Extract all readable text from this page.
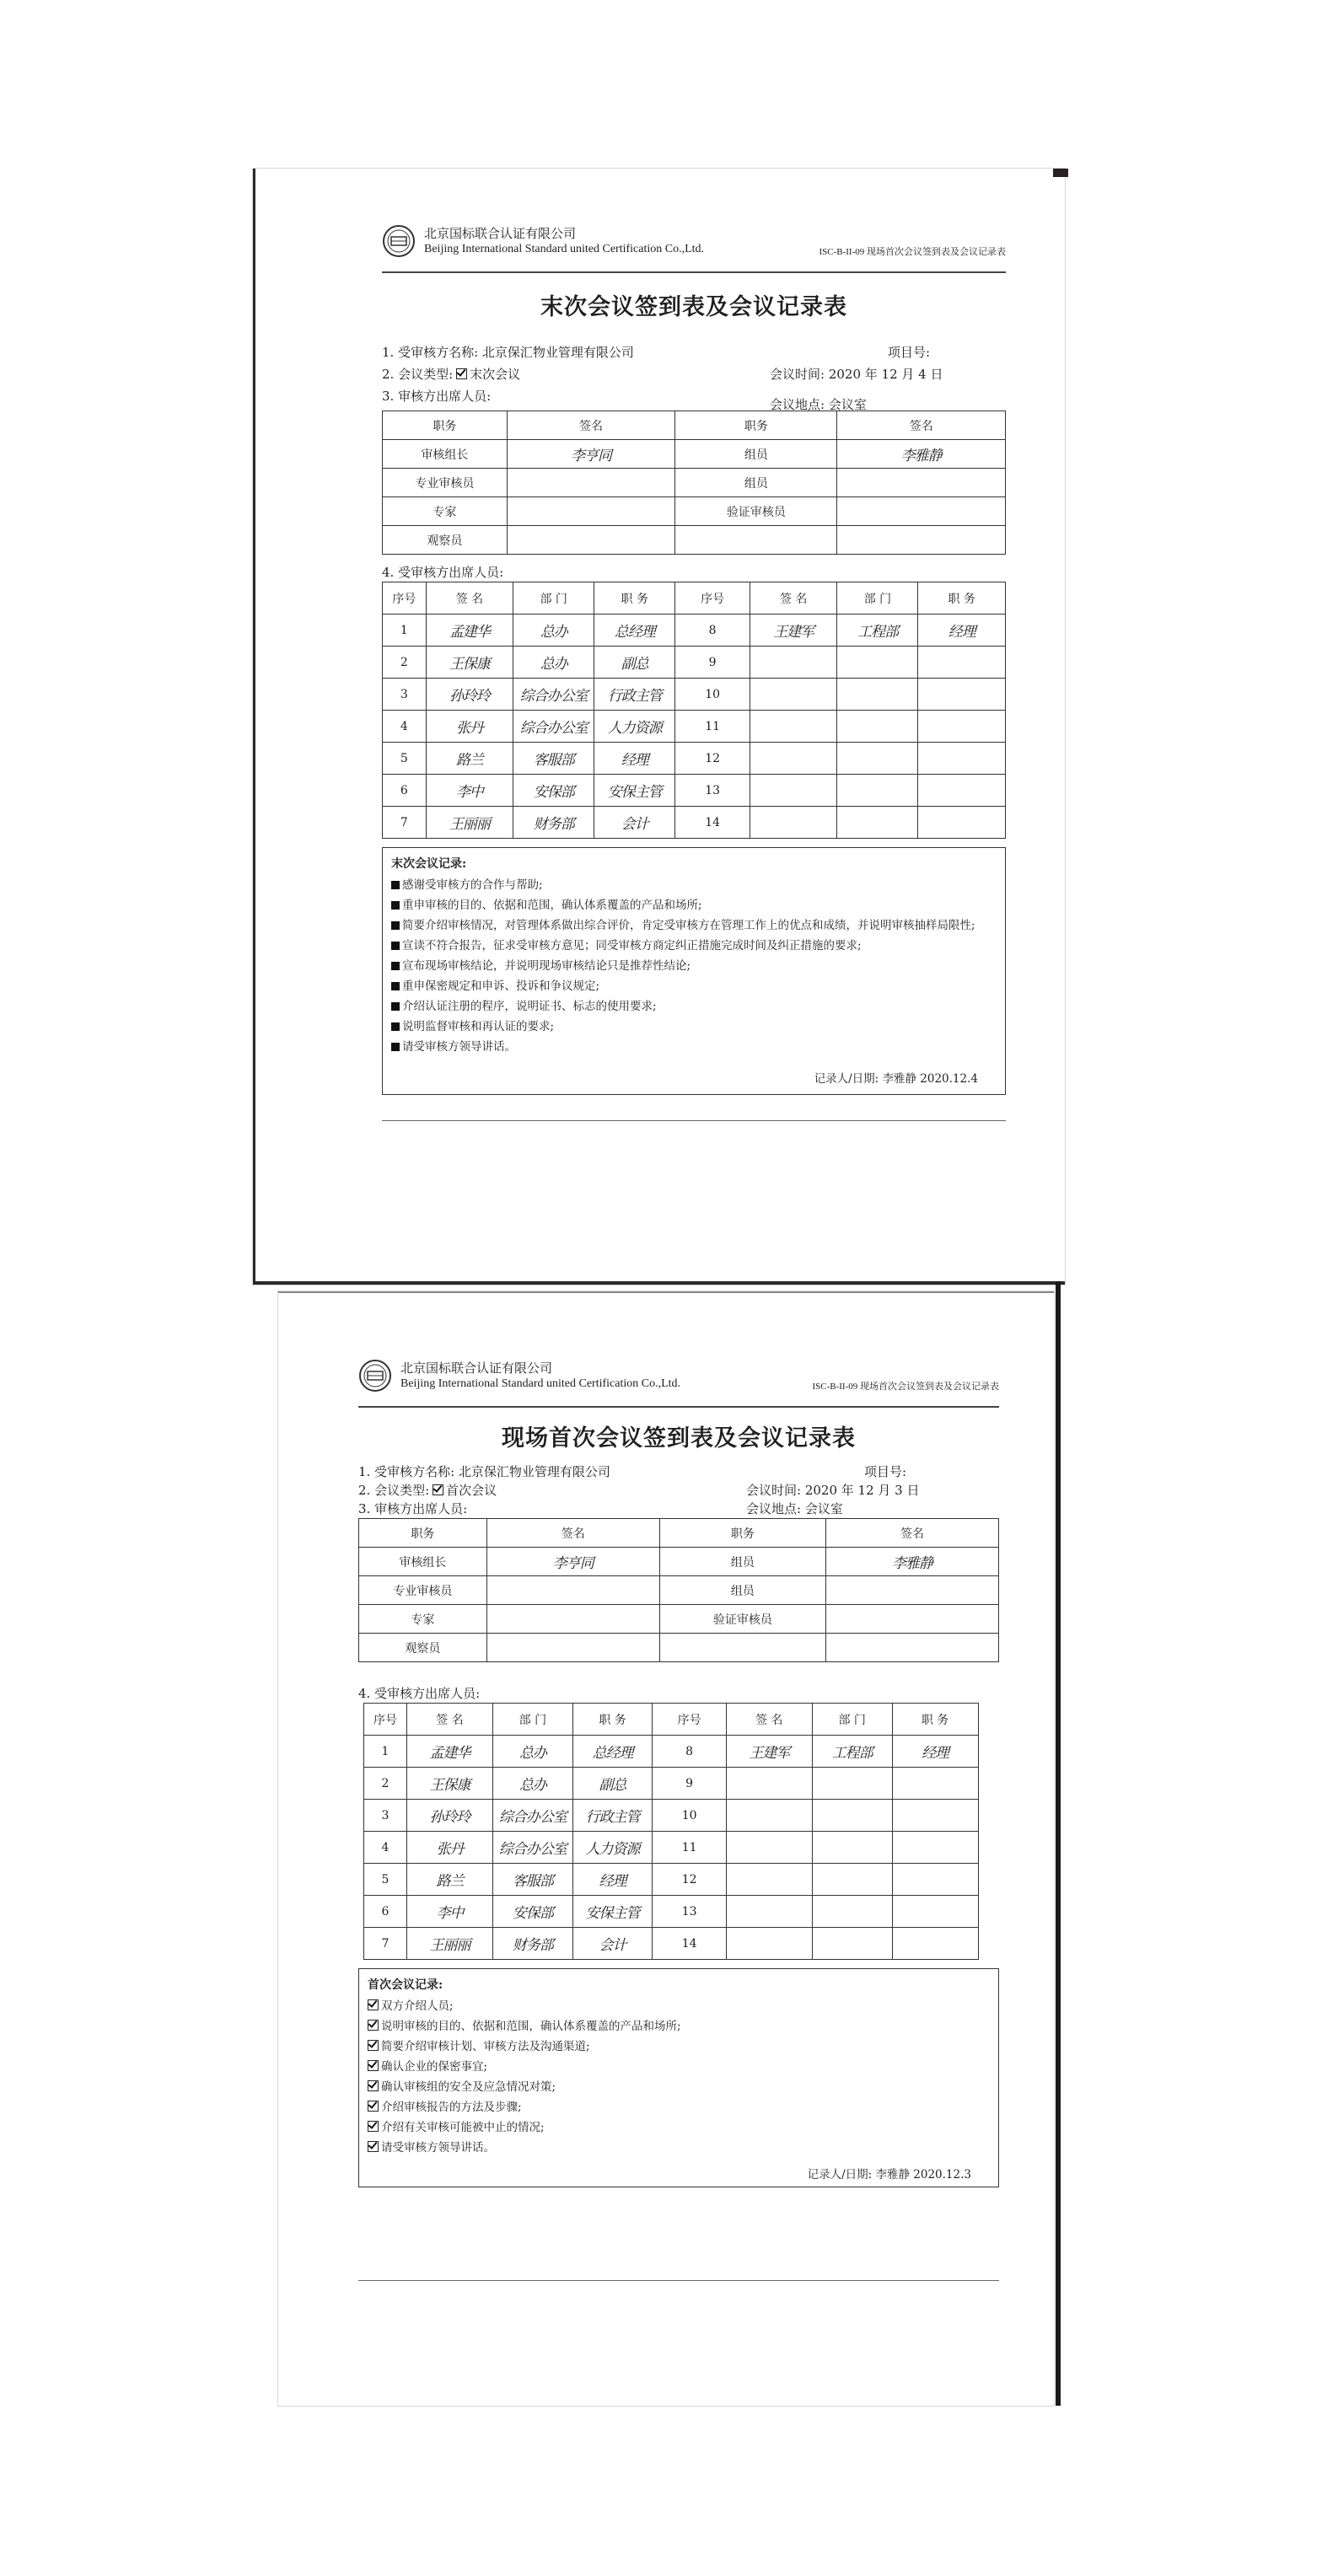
北京国标联合认证有限公司
Beijing International Standard united Certification Co.,Ltd.	ISC-B-II-09 现场首次会议签到表及会议记录表
末次会议签到表及会议记录表
1. 受审核方名称: 北京保汇物业管理有限公司	项目号:
2. 会议类型: 末次会议	会议时间: 2020 年 12 月 4 日
3. 审核方出席人员:
会议地点: 会议室
职务	签名	职务	签名
审核组长	李亨同	组员	李雅静
专业审核员		组员	
专家		验证审核员	
观察员			
4. 受审核方出席人员:
序号	签 名	部 门	职 务	序号	签 名	部 门	职 务
1	孟建华	总办	总经理	8	王建军	工程部	经理
2	王保康	总办	副总	9			
3	孙玲玲	综合办公室	行政主管	10			
4	张丹	综合办公室	人力资源	11			
5	路兰	客服部	经理	12			
6	李中	安保部	安保主管	13			
7	王丽丽	财务部	会计	14			
末次会议记录:
感谢受审核方的合作与帮助;
重申审核的目的、依据和范围，确认体系覆盖的产品和场所;
简要介绍审核情况，对管理体系做出综合评价，肯定受审核方在管理工作上的优点和成绩，并说明审核抽样局限性;
宣读不符合报告，征求受审核方意见；同受审核方商定纠正措施完成时间及纠正措施的要求;
宣布现场审核结论，并说明现场审核结论只是推荐性结论;
重申保密规定和申诉、投诉和争议规定;
介绍认证注册的程序，说明证书、标志的使用要求;
说明监督审核和再认证的要求;
请受审核方领导讲话。
记录人/日期: 李雅静 2020.12.4
北京国标联合认证有限公司
Beijing International Standard united Certification Co.,Ltd.	ISC-B-II-09 现场首次会议签到表及会议记录表
现场首次会议签到表及会议记录表
1. 受审核方名称: 北京保汇物业管理有限公司	项目号:
2. 会议类型: 首次会议	会议时间: 2020 年 12 月 3 日
3. 审核方出席人员:	会议地点: 会议室
职务	签名	职务	签名
审核组长	李亨同	组员	李雅静
专业审核员		组员	
专家		验证审核员	
观察员			
4. 受审核方出席人员:
序号	签 名	部 门	职 务	序号	签 名	部 门	职 务
1	孟建华	总办	总经理	8	王建军	工程部	经理
2	王保康	总办	副总	9			
3	孙玲玲	综合办公室	行政主管	10			
4	张丹	综合办公室	人力资源	11			
5	路兰	客服部	经理	12			
6	李中	安保部	安保主管	13			
7	王丽丽	财务部	会计	14			
首次会议记录:
双方介绍人员;
说明审核的目的、依据和范围，确认体系覆盖的产品和场所;
简要介绍审核计划、审核方法及沟通渠道;
确认企业的保密事宜;
确认审核组的安全及应急情况对策;
介绍审核报告的方法及步骤;
介绍有关审核可能被中止的情况;
请受审核方领导讲话。
记录人/日期: 李雅静 2020.12.3
